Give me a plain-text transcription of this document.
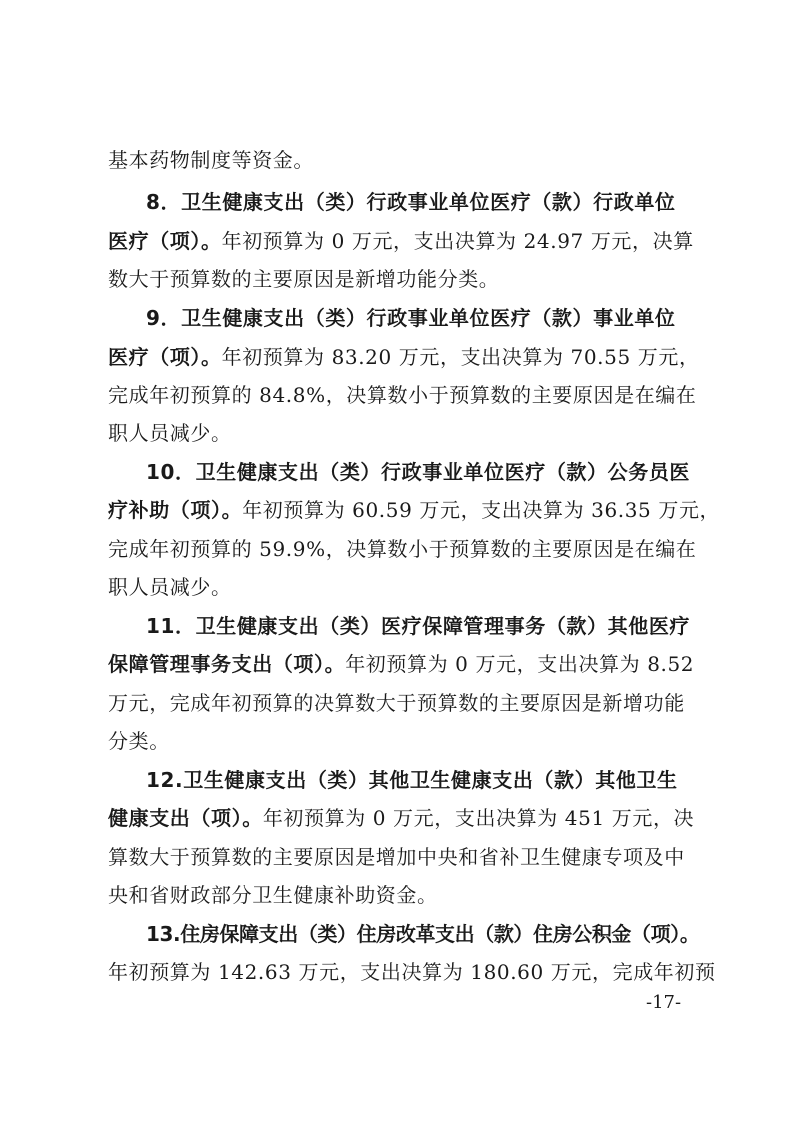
基本药物制度等资金。
8．卫生健康支出（类）行政事业单位医疗（款）行政单位
医疗（项）。年初预算为 0 万元，支出决算为 24.97 万元，决算
数大于预算数的主要原因是新增功能分类。
9．卫生健康支出（类）行政事业单位医疗（款）事业单位
医疗（项）。年初预算为 83.20 万元，支出决算为 70.55 万元，
完成年初预算的 84.8%，决算数小于预算数的主要原因是在编在
职人员减少。
10．卫生健康支出（类）行政事业单位医疗（款）公务员医
疗补助（项）。年初预算为 60.59 万元，支出决算为 36.35 万元，
完成年初预算的 59.9%，决算数小于预算数的主要原因是在编在
职人员减少。
11．卫生健康支出（类）医疗保障管理事务（款）其他医疗
保障管理事务支出（项）。年初预算为 0 万元，支出决算为 8.52
万元，完成年初预算的决算数大于预算数的主要原因是新增功能
分类。
12.卫生健康支出（类）其他卫生健康支出（款）其他卫生
健康支出（项）。年初预算为 0 万元，支出决算为 451 万元，决
算数大于预算数的主要原因是增加中央和省补卫生健康专项及中
央和省财政部分卫生健康补助资金。
13.住房保障支出（类）住房改革支出（款）住房公积金（项）。
年初预算为 142.63 万元，支出决算为 180.60 万元，完成年初预
-17-
